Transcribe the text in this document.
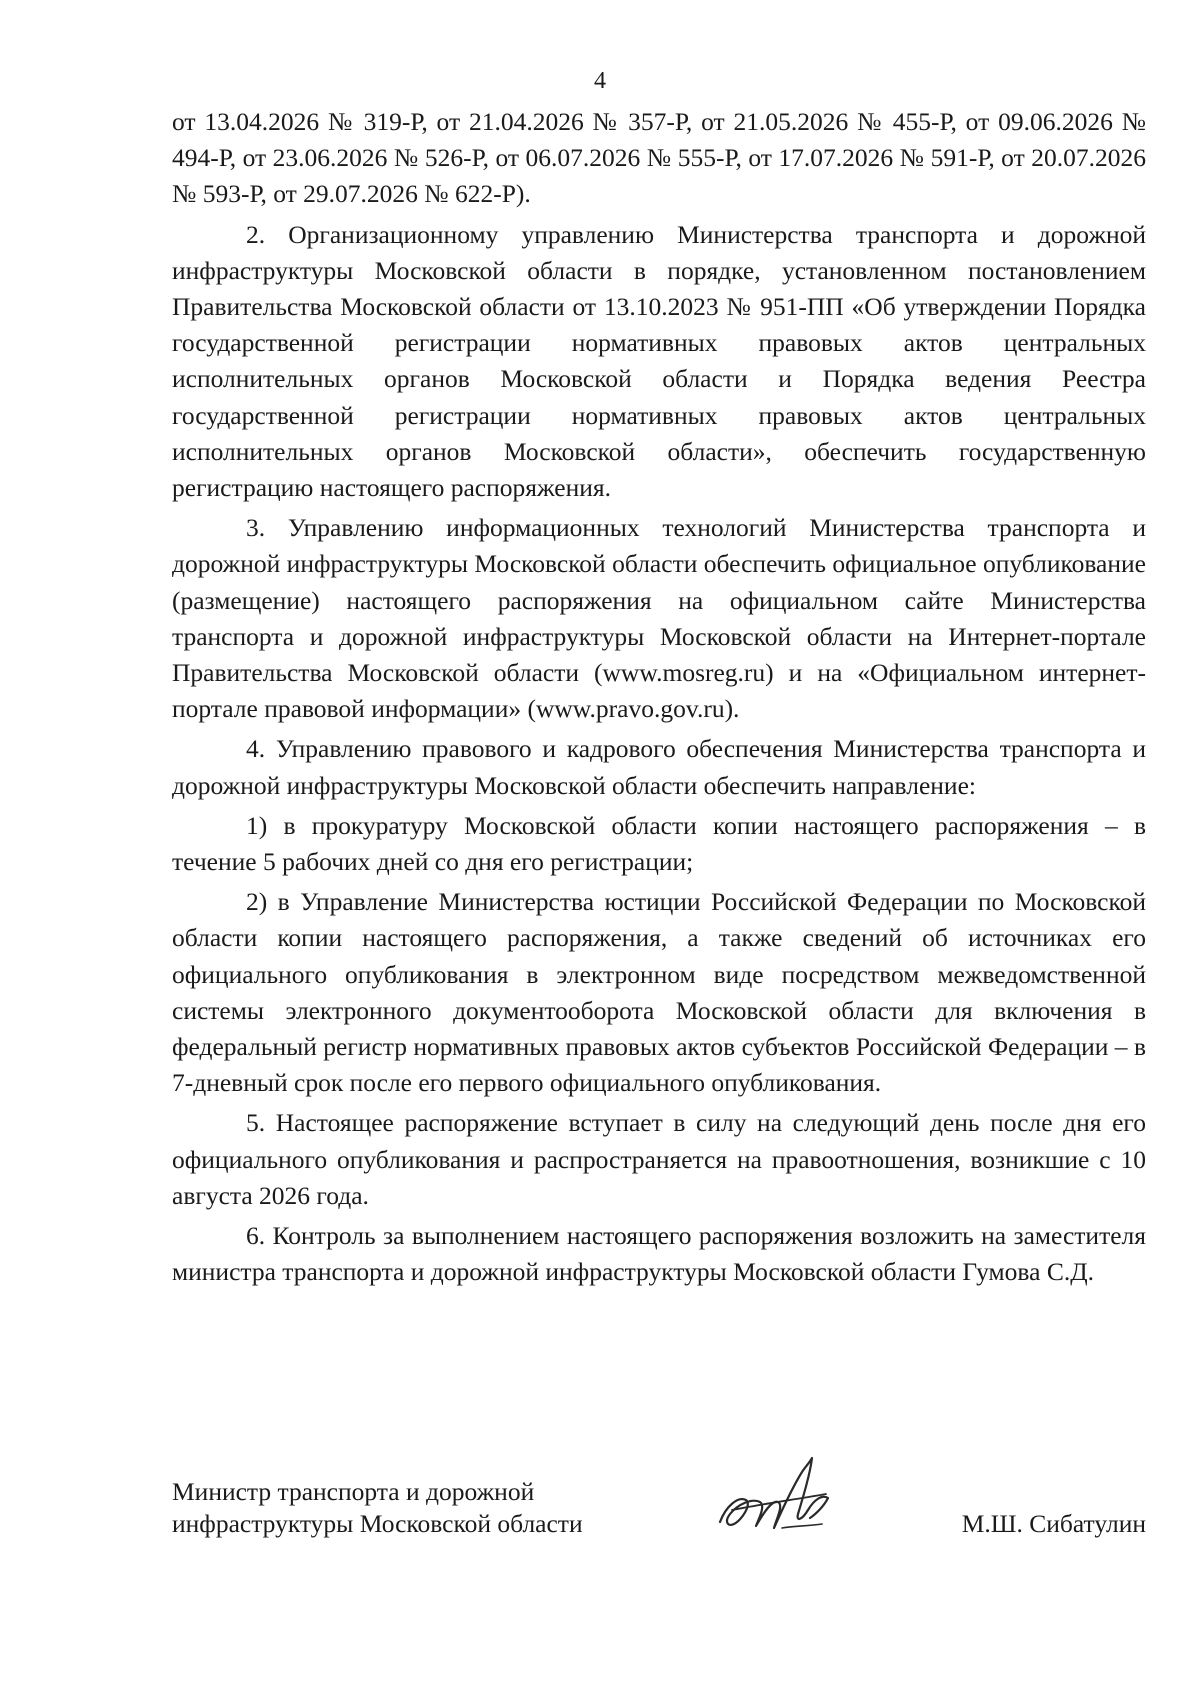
4

от 13.04.2026 № 319-Р, от 21.04.2026 № 357-Р, от 21.05.2026 № 455-Р, от 09.06.2026 № 494-Р, от 23.06.2026 № 526-Р, от 06.07.2026 № 555-Р, от 17.07.2026 № 591-Р, от 20.07.2026 № 593-Р, от 29.07.2026 № 622-Р).

2. Организационному управлению Министерства транспорта и дорожной инфраструктуры Московской области в порядке, установленном постановлением Правительства Московской области от 13.10.2023 № 951-ПП «Об утверждении Порядка государственной регистрации нормативных правовых актов центральных исполнительных органов Московской области и Порядка ведения Реестра государственной регистрации нормативных правовых актов центральных исполнительных органов Московской области», обеспечить государственную регистрацию настоящего распоряжения.

3. Управлению информационных технологий Министерства транспорта и дорожной инфраструктуры Московской области обеспечить официальное опубликование (размещение) настоящего распоряжения на официальном сайте Министерства транспорта и дорожной инфраструктуры Московской области на Интернет-портале Правительства Московской области (www.mosreg.ru) и на «Официальном интернет-портале правовой информации» (www.pravo.gov.ru).

4. Управлению правового и кадрового обеспечения Министерства транспорта и дорожной инфраструктуры Московской области обеспечить направление:

1) в прокуратуру Московской области копии настоящего распоряжения – в течение 5 рабочих дней со дня его регистрации;

2) в Управление Министерства юстиции Российской Федерации по Московской области копии настоящего распоряжения, а также сведений об источниках его официального опубликования в электронном виде посредством межведомственной системы электронного документооборота Московской области для включения в федеральный регистр нормативных правовых актов субъектов Российской Федерации – в 7-дневный срок после его первого официального опубликования.

5. Настоящее распоряжение вступает в силу на следующий день после дня его официального опубликования и распространяется на правоотношения, возникшие с 10 августа 2026 года.

6. Контроль за выполнением настоящего распоряжения возложить на заместителя министра транспорта и дорожной инфраструктуры Московской области Гумова С.Д.

Министр транспорта и дорожной
инфраструктуры Московской области	М.Ш. Сибатулин
